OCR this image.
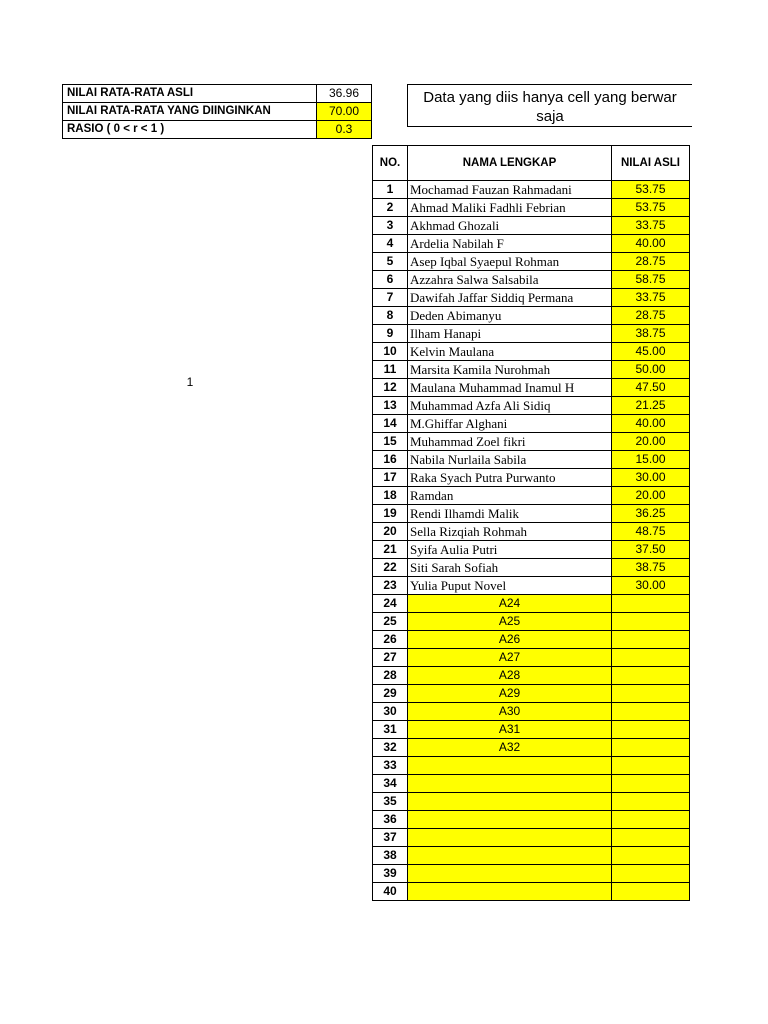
NILAI RATA-RATA ASLI	36.96
NILAI RATA-RATA YANG DIINGINKAN	70.00
RASIO ( 0 < r < 1 )	0.3
Data yang diis hanya cell yang berwar
saja
1
NO.	NAMA LENGKAP	NILAI ASLI
1	Mochamad Fauzan Rahmadani	53.75
2	Ahmad Maliki Fadhli Febrian	53.75
3	Akhmad Ghozali	33.75
4	Ardelia Nabilah F	40.00
5	Asep Iqbal Syaepul Rohman	28.75
6	Azzahra Salwa Salsabila	58.75
7	Dawifah Jaffar Siddiq Permana	33.75
8	Deden Abimanyu	28.75
9	Ilham Hanapi	38.75
10	Kelvin Maulana	45.00
11	Marsita Kamila Nurohmah	50.00
12	Maulana Muhammad Inamul H	47.50
13	Muhammad Azfa Ali Sidiq	21.25
14	M.Ghiffar Alghani	40.00
15	Muhammad Zoel fikri	20.00
16	Nabila Nurlaila Sabila	15.00
17	Raka Syach Putra Purwanto	30.00
18	Ramdan	20.00
19	Rendi Ilhamdi Malik	36.25
20	Sella Rizqiah Rohmah	48.75
21	Syifa Aulia Putri	37.50
22	Siti Sarah Sofiah	38.75
23	Yulia Puput Novel	30.00
24	A24	
25	A25	
26	A26	
27	A27	
28	A28	
29	A29	
30	A30	
31	A31	
32	A32	
33		
34		
35		
36		
37		
38		
39		
40		
